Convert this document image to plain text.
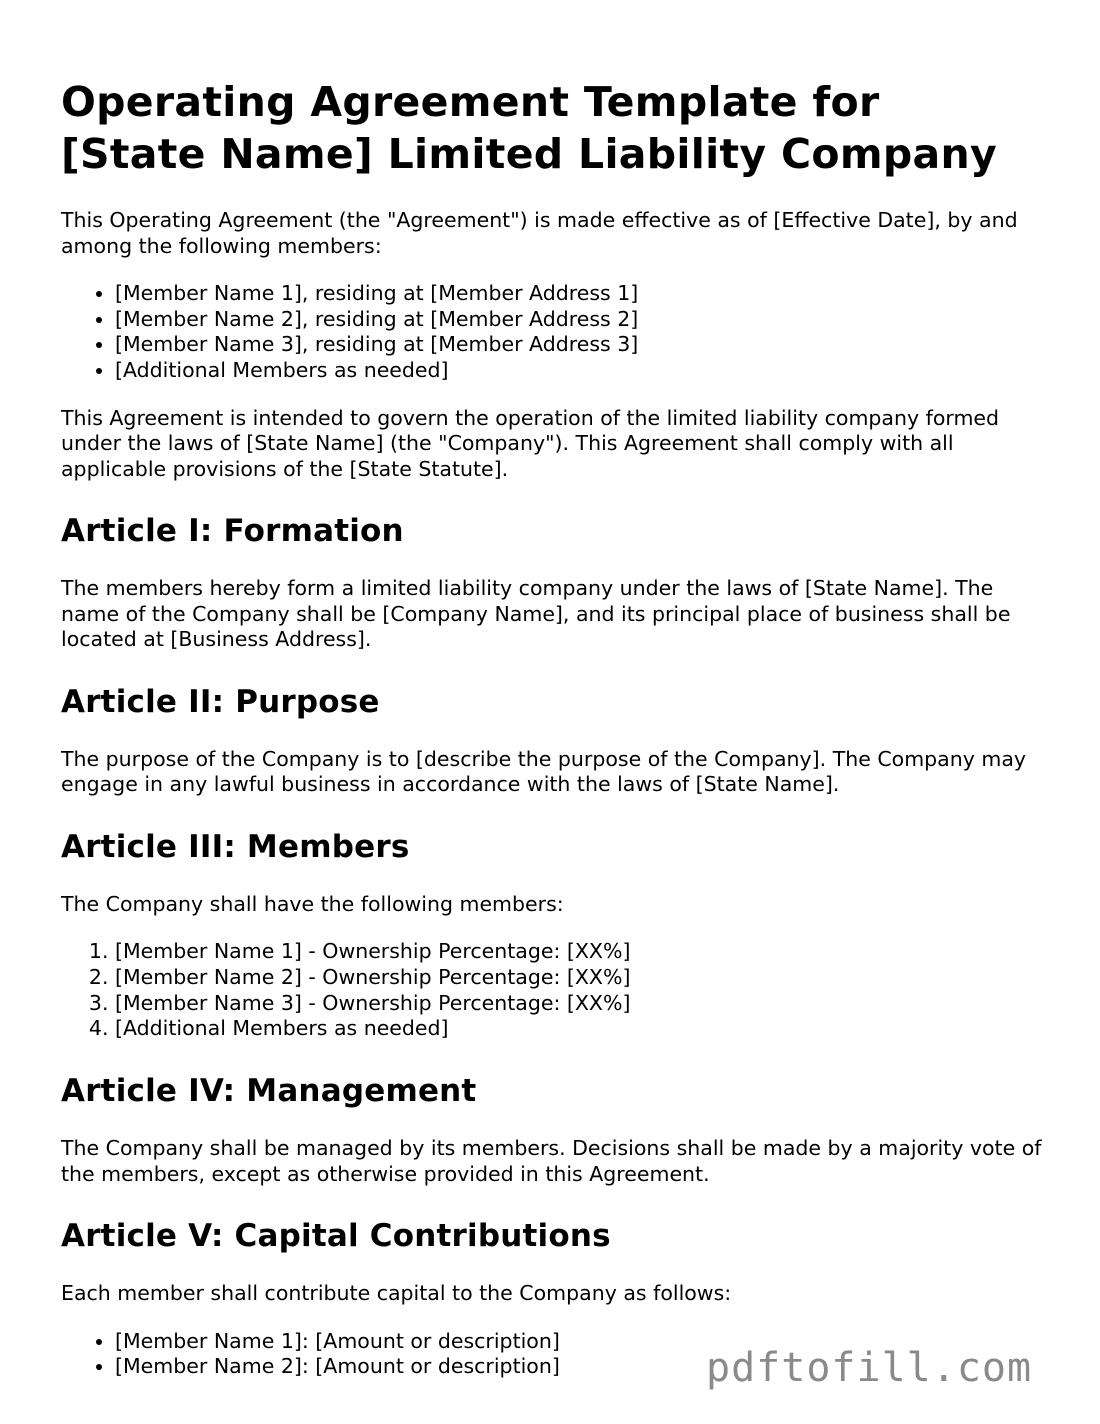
Operating Agreement Template for
[State Name] Limited Liability Company

This Operating Agreement (the "Agreement") is made effective as of [Effective Date], by and among the following members:

• [Member Name 1], residing at [Member Address 1]
• [Member Name 2], residing at [Member Address 2]
• [Member Name 3], residing at [Member Address 3]
• [Additional Members as needed]

This Agreement is intended to govern the operation of the limited liability company formed under the laws of [State Name] (the "Company"). This Agreement shall comply with all applicable provisions of the [State Statute].

Article I: Formation

The members hereby form a limited liability company under the laws of [State Name]. The name of the Company shall be [Company Name], and its principal place of business shall be located at [Business Address].

Article II: Purpose

The purpose of the Company is to [describe the purpose of the Company]. The Company may engage in any lawful business in accordance with the laws of [State Name].

Article III: Members

The Company shall have the following members:

1. [Member Name 1] - Ownership Percentage: [XX%]
2. [Member Name 2] - Ownership Percentage: [XX%]
3. [Member Name 3] - Ownership Percentage: [XX%]
4. [Additional Members as needed]
Article IV: Management

The Company shall be managed by its members. Decisions shall be made by a majority vote of the members, except as otherwise provided in this Agreement.

Article V: Capital Contributions

Each member shall contribute capital to the Company as follows:

• [Member Name 1]: [Amount or description]
• [Member Name 2]: [Amount or description]	pdftofill.com
